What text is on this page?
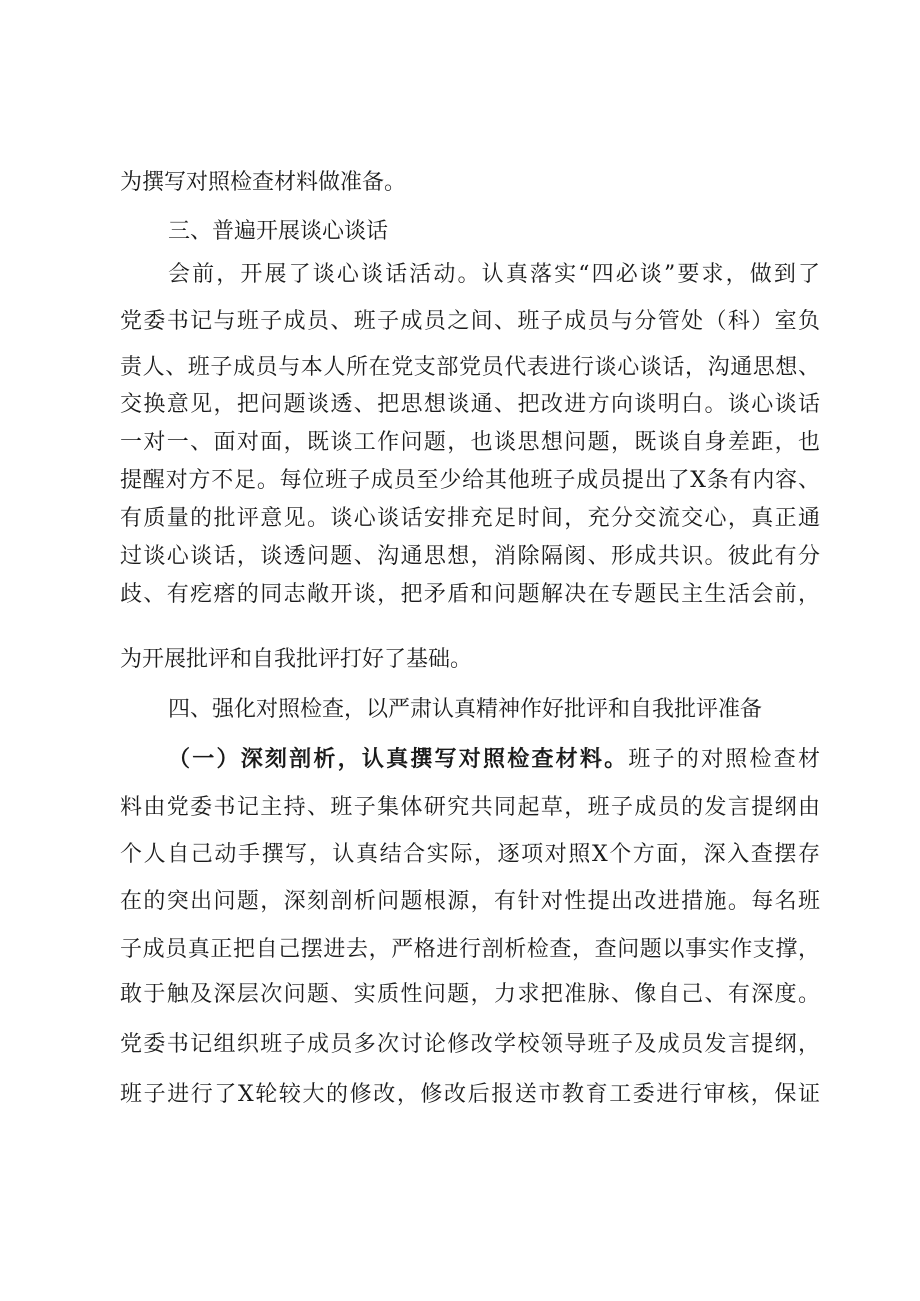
为撰写对照检查材料做准备。
三、普遍开展谈心谈话
会前，开展了谈心谈话活动。认真落实“四必谈”要求，做到了
党委书记与班子成员、班子成员之间、班子成员与分管处（科）室负
责人、班子成员与本人所在党支部党员代表进行谈心谈话，沟通思想、
交换意见，把问题谈透、把思想谈通、把改进方向谈明白。谈心谈话
一对一、面对面，既谈工作问题，也谈思想问题，既谈自身差距，也
提醒对方不足。每位班子成员至少给其他班子成员提出了X条有内容、
有质量的批评意见。谈心谈话安排充足时间，充分交流交心，真正通
过谈心谈话，谈透问题、沟通思想，消除隔阂、形成共识。彼此有分
歧、有疙瘩的同志敞开谈，把矛盾和问题解决在专题民主生活会前，
为开展批评和自我批评打好了基础。
四、强化对照检查，以严肃认真精神作好批评和自我批评准备
（一）深刻剖析，认真撰写对照检查材料。班子的对照检查材
料由党委书记主持、班子集体研究共同起草，班子成员的发言提纲由
个人自己动手撰写，认真结合实际，逐项对照X个方面，深入查摆存
在的突出问题，深刻剖析问题根源，有针对性提出改进措施。每名班
子成员真正把自己摆进去，严格进行剖析检查，查问题以事实作支撑，
敢于触及深层次问题、实质性问题，力求把准脉、像自己、有深度。
党委书记组织班子成员多次讨论修改学校领导班子及成员发言提纲，
班子进行了X轮较大的修改，修改后报送市教育工委进行审核，保证
